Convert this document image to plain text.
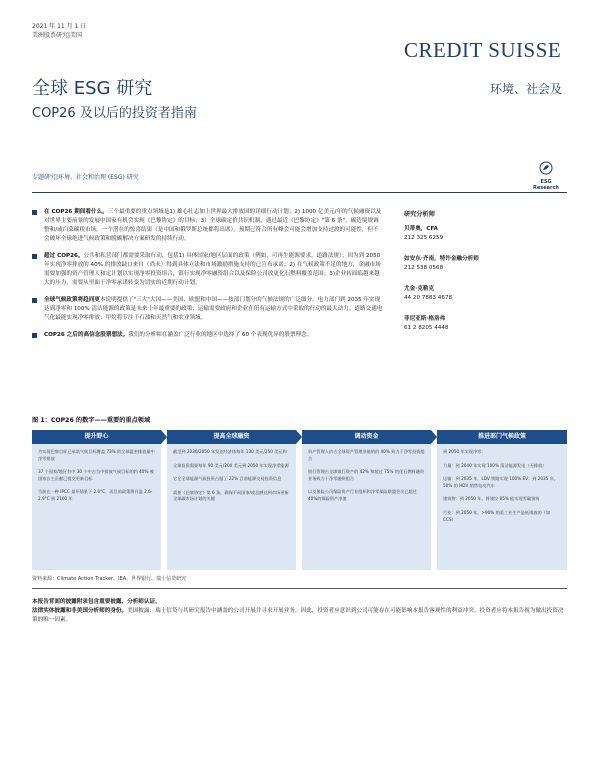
2021 年 11 月 1 日
美洲股票研究|美国
CREDIT SUISSE
全球 ESG 研究
COP26 及以后的投资者指南
环境、社会及
专题研究|环境、社会和治理 (ESG) 研究
ESG
Research
在 COP26 期间看什么。三个最重要的重点领域是1) 雄心壮志加上世界最大排放国的详细行动计划；2) 1000 亿美元/年的气候融资以及对世界主要前景的发展中国家有机会实现《巴黎协定》的目标；3）全球碳定价共识机制，通过最近《巴黎协定》"第 6 条"。碳边境规调整和/或白菜碳税市场。一个潜在的惊喜结果（是中国和俄罗斯总统都将出席）。预期已符合所有峰会可能会增加支持过渡的可能性，但不会破坏全球绝进气候政策和脱碳解决方案研发的持续行动。
超过 COP26。公共和私营部门都需要采取行动，包括1) 具体国家/地区层面的政策（例如，可再生能源要求、道路法规）；因为到 2050 年实现净零排放的 40% 的排放缺口来自（尚未）得到具体立法和市场激励措施支持的已宣布承诺；2) 在气候政策不足的地方，金融市场需要加强的资产管理人和定计划以实现净零投资组合，银行实现净零融资组合以及保险公司放更化石燃料覆盖范围；3)企业转面临越来越大的压力，需要从里面于净零承诺转变为切实的近期行动计划。
全球气候政策将趋同更本说明提供了"三大"大国——美国、欧盟和中国——按部门划分的气候法规的广泛细分。电力部门到 2035 年实现达到净零和 100% 清洁能源的政策是未来十年最重要的政策；运输需要政府和企业在所有运输方式中采取的行动的最大动力。道路交通电气化最能实现净零排放；甲烷将专注于石油和天然气和农业领域。
COP26 之后的高信念股票想法。我们的分析师在涵盖广泛行业的地区中选择了 60 个表现优异的股票理念。
研究分析师
贝蒂奥，CFA
212 325 6259
如安东·齐南，特许金融分析师
212 538 0568
尤金·克勒克
44 20 7883 4678
菲尼亚斯·格洛弗
61 2 8205 4448
图 1：COP26 的数字——重要的重点领域
提升野心

为实现巴黎目标已承诺气候目标覆盖 73% 的全球温室排放量中净零排放

37 个国家/地区有中 30 个中占当中排放气候目标的约 40% 被国家自主贡献已提交更新目标

当前在一种 IPCC 最坏情景下 2.0°C，而目前政策将升温 2.6-2.9°C 到 2100 年

提高全球融资

截至到 2030/2050 年发达经济体每年 130 美元/250 美元和

全球投资需要每年 90 美元/200 美元到 2050 年实现净零能源

它在全球能源气候投资占据了 22% 目前能源交易投资信息

需要《巴黎协定》第 6 条，确保不同国家/或总额达到市场更新全球碳市场计划的关键

调动资金

资产管理人约占全球资产管理净值的约 40% 致力于净零投资组合

银行管理占全球银行资产的 42% 和超过 75% 的化石燃料融资业务致力于净零融资组合

以及保险公司保险资产行业组织和净零保险联盟会员已超过40%的保险资产净值

推进部门气候政策

到 2050 年实现净零：

力量：到 2040 年实现 100% 清洁能源发电（无排放）

运输：到 2035 年，LDV 铁路实现 100% EV；到 2035 年，50% 的 HDV 销售电动汽车

建筑物：到 2050 年，将建设 85% 能实现零碳建筑

行业：到 2050 年，>90% 的重工业生产是低排放的（如 CCS）

资料来源：Climate Action Tracker、IEA、世界银行、瑞士信贷研究
本报告背面的披露附录包含重要披露、分析师认证、
法律实体披露和非美国分析师的身份。美国披露：瑞士信贷与其研究报告中涵盖的公司开展并寻求开展业务。因此，投资者应意识到公司可能存在可能影响本报告客观性的利益冲突。投资者应将本报告视为做出投资决策的唯一因素。
